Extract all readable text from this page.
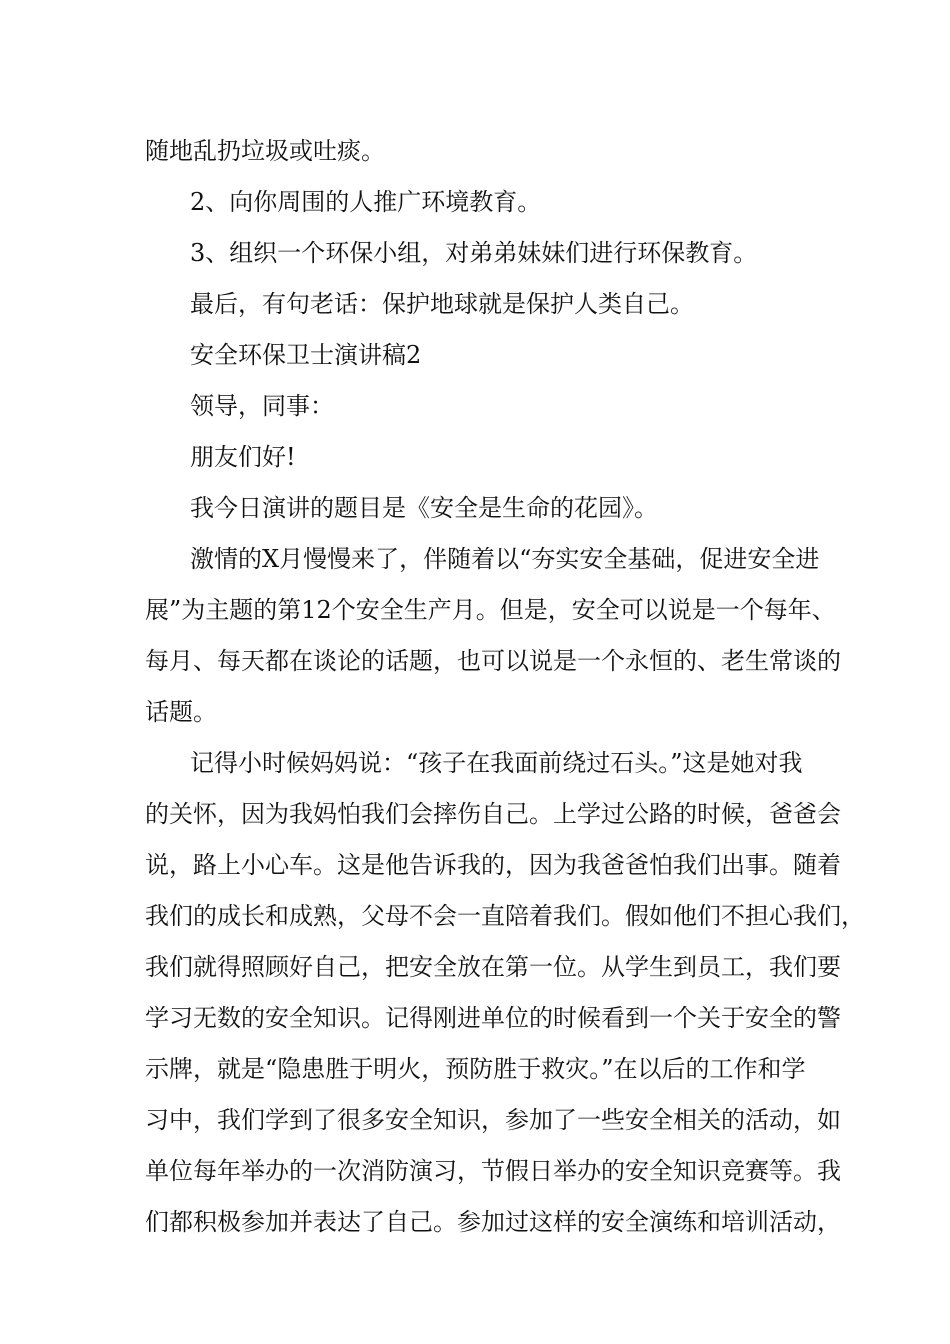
随地乱扔垃圾或吐痰。

2、向你周围的人推广环境教育。

3、组织一个环保小组，对弟弟妹妹们进行环保教育。

最后，有句老话：保护地球就是保护人类自己。

安全环保卫士演讲稿2

领导，同事：

朋友们好!

我今日演讲的题目是《安全是生命的花园》。

激情的X月慢慢来了，伴随着以“夯实安全基础，促进安全进

展”为主题的第12个安全生产月。但是，安全可以说是一个每年、

每月、每天都在谈论的话题，也可以说是一个永恒的、老生常谈的

话题。

记得小时候妈妈说：“孩子在我面前绕过石头。”这是她对我

的关怀，因为我妈怕我们会摔伤自己。上学过公路的时候，爸爸会

说，路上小心车。这是他告诉我的，因为我爸爸怕我们出事。随着

我们的成长和成熟，父母不会一直陪着我们。假如他们不担心我们，

我们就得照顾好自己，把安全放在第一位。从学生到员工，我们要

学习无数的安全知识。记得刚进单位的时候看到一个关于安全的警

示牌，就是“隐患胜于明火，预防胜于救灾。”在以后的工作和学

习中，我们学到了很多安全知识，参加了一些安全相关的活动，如

单位每年举办的一次消防演习，节假日举办的安全知识竞赛等。我

们都积极参加并表达了自己。参加过这样的安全演练和培训活动，
